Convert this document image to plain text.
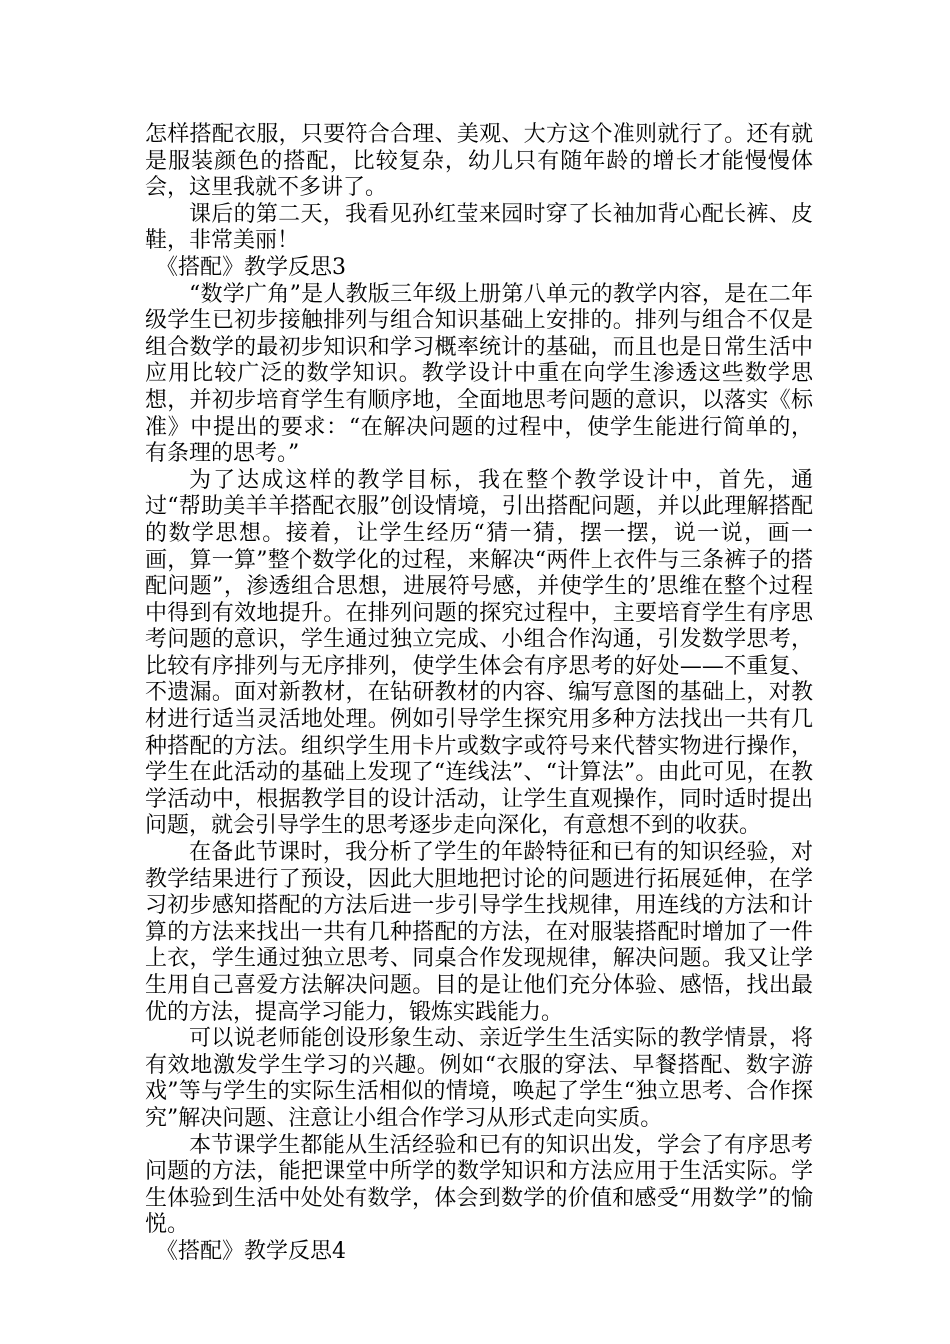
怎样搭配衣服，只要符合合理、美观、大方这个准则就行了。还有就是服装颜色的搭配，比较复杂，幼儿只有随年龄的增长才能慢慢体会，这里我就不多讲了。

课后的第二天，我看见孙红莹来园时穿了长袖加背心配长裤、皮鞋，非常美丽！

《搭配》教学反思3

“数学广角”是人教版三年级上册第八单元的教学内容，是在二年级学生已初步接触排列与组合知识基础上安排的。排列与组合不仅是组合数学的最初步知识和学习概率统计的基础，而且也是日常生活中应用比较广泛的数学知识。教学设计中重在向学生渗透这些数学思想，并初步培育学生有顺序地，全面地思考问题的意识，以落实《标准》中提出的要求：“在解决问题的过程中，使学生能进行简单的，有条理的思考。”

为了达成这样的教学目标，我在整个教学设计中，首先，通过“帮助美羊羊搭配衣服”创设情境，引出搭配问题，并以此理解搭配的数学思想。接着，让学生经历“猜一猜，摆一摆，说一说，画一画，算一算”整个数学化的过程，来解决“两件上衣件与三条裤子的搭配问题”，渗透组合思想，进展符号感，并使学生的’思维在整个过程中得到有效地提升。在排列问题的探究过程中，主要培育学生有序思考问题的意识，学生通过独立完成、小组合作沟通，引发数学思考，比较有序排列与无序排列，使学生体会有序思考的好处——不重复、不遗漏。面对新教材，在钻研教材的内容、编写意图的基础上，对教材进行适当灵活地处理。例如引导学生探究用多种方法找出一共有几种搭配的方法。组织学生用卡片或数字或符号来代替实物进行操作，学生在此活动的基础上发现了“连线法”、“计算法”。由此可见，在教学活动中，根据教学目的设计活动，让学生直观操作，同时适时提出问题，就会引导学生的思考逐步走向深化，有意想不到的收获。

在备此节课时，我分析了学生的年龄特征和已有的知识经验，对教学结果进行了预设，因此大胆地把讨论的问题进行拓展延伸，在学习初步感知搭配的方法后进一步引导学生找规律，用连线的方法和计算的方法来找出一共有几种搭配的方法，在对服装搭配时增加了一件上衣，学生通过独立思考、同桌合作发现规律，解决问题。我又让学生用自己喜爱方法解决问题。目的是让他们充分体验、感悟，找出最优的方法，提高学习能力，锻炼实践能力。

可以说老师能创设形象生动、亲近学生生活实际的教学情景，将有效地激发学生学习的兴趣。例如“衣服的穿法、早餐搭配、数字游戏”等与学生的实际生活相似的情境，唤起了学生“独立思考、合作探究”解决问题、注意让小组合作学习从形式走向实质。

本节课学生都能从生活经验和已有的知识出发，学会了有序思考问题的方法，能把课堂中所学的数学知识和方法应用于生活实际。学生体验到生活中处处有数学，体会到数学的价值和感受“用数学”的愉悦。

《搭配》教学反思4
